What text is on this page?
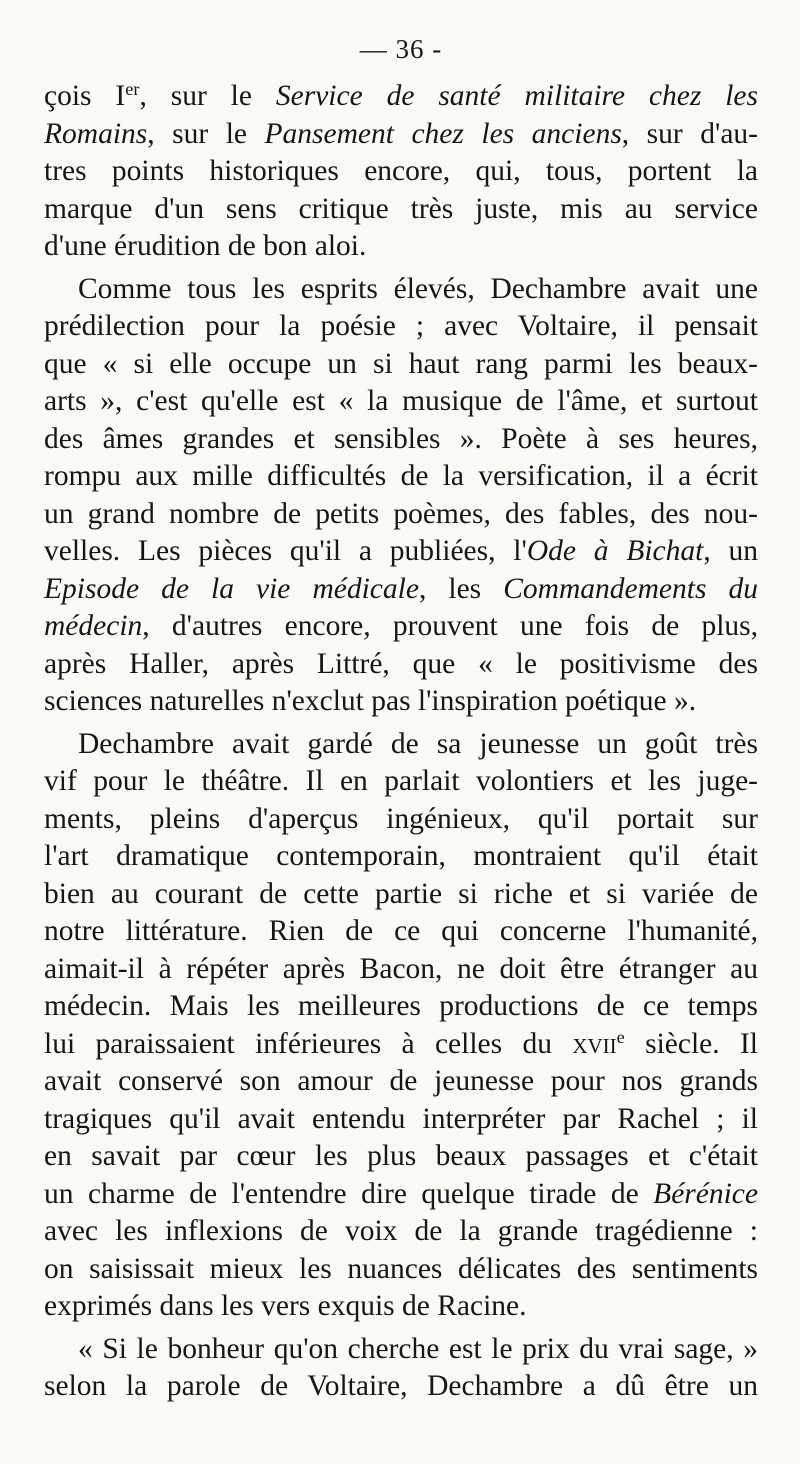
— 36 -
çois Ier, sur le Service de santé militaire chez les
Romains, sur le Pansement chez les anciens, sur d'au-
tres points historiques encore, qui, tous, portent la
marque d'un sens critique très juste, mis au service
d'une érudition de bon aloi.
Comme tous les esprits élevés, Dechambre avait une
prédilection pour la poésie ; avec Voltaire, il pensait
que « si elle occupe un si haut rang parmi les beaux-
arts », c'est qu'elle est « la musique de l'âme, et surtout
des âmes grandes et sensibles ». Poète à ses heures,
rompu aux mille difficultés de la versification, il a écrit
un grand nombre de petits poèmes, des fables, des nou-
velles. Les pièces qu'il a publiées, l'Ode à Bichat, un
Episode de la vie médicale, les Commandements du
médecin, d'autres encore, prouvent une fois de plus,
après Haller, après Littré, que « le positivisme des
sciences naturelles n'exclut pas l'inspiration poétique ».
Dechambre avait gardé de sa jeunesse un goût très
vif pour le théâtre. Il en parlait volontiers et les juge-
ments, pleins d'aperçus ingénieux, qu'il portait sur
l'art dramatique contemporain, montraient qu'il était
bien au courant de cette partie si riche et si variée de
notre littérature. Rien de ce qui concerne l'humanité,
aimait-il à répéter après Bacon, ne doit être étranger au
médecin. Mais les meilleures productions de ce temps
lui paraissaient inférieures à celles du xvii$^e$ siècle. Il
avait conservé son amour de jeunesse pour nos grands
tragiques qu'il avait entendu interpréter par Rachel ; il
en savait par cœur les plus beaux passages et c'était
un charme de l'entendre dire quelque tirade de Bérénice
avec les inflexions de voix de la grande tragédienne :
on saisissait mieux les nuances délicates des sentiments
exprimés dans les vers exquis de Racine.
« Si le bonheur qu'on cherche est le prix du vrai sage, »
selon la parole de Voltaire, Dechambre a dû être un
